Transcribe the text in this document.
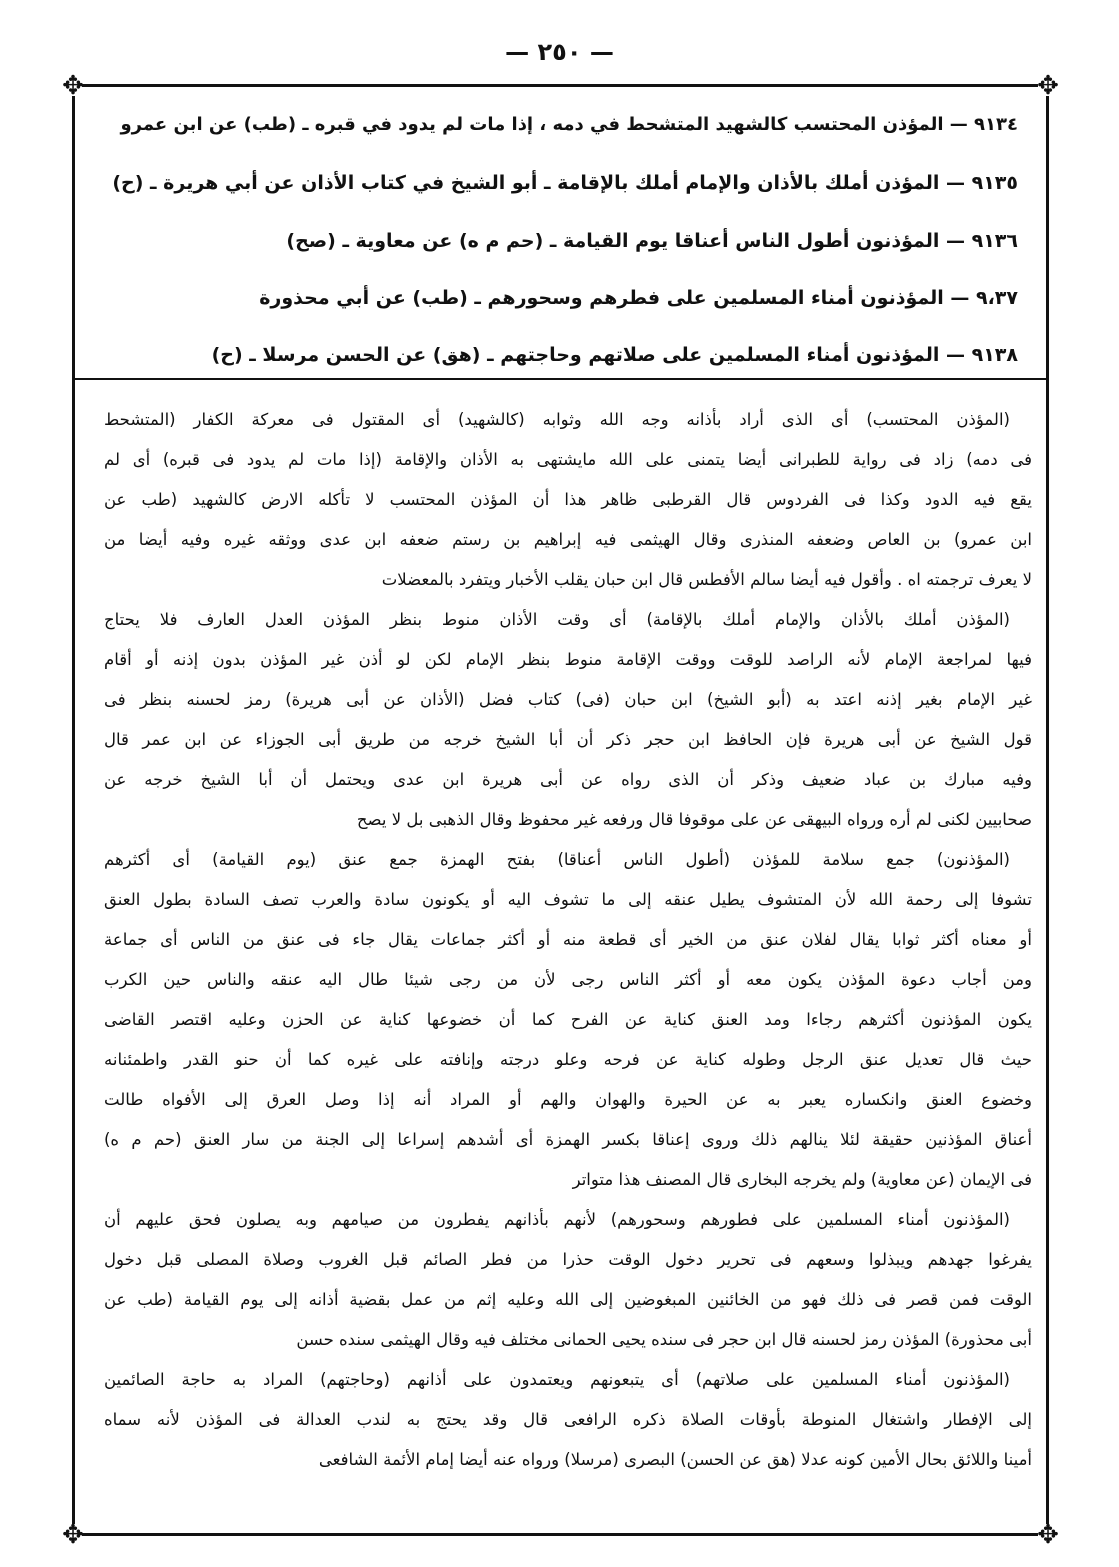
— ٢٥٠ —
✥	✥
✥	✥
٩١٣٤ — المؤذن المحتسب كالشهيد المتشحط في دمه ، إذا مات لم يدود في قبره ـ (طب) عن ابن عمرو
٩١٣٥ — المؤذن أملك بالأذان والإمام أملك بالإقامة ـ أبو الشيخ في كتاب الأذان عن أبي هريرة ـ (ح)
٩١٣٦ — المؤذنون أطول الناس أعناقا يوم القيامة ـ (حم م ه) عن معاوية ـ (صح)
٩،٣٧ — المؤذنون أمناء المسلمين على فطرهم وسحورهم ـ (طب) عن أبي محذورة
٩١٣٨ — المؤذنون أمناء المسلمين على صلاتهم وحاجتهم ـ (هق) عن الحسن مرسلا ـ (ح)
(المؤذن المحتسب) أى الذى أراد بأذانه وجه الله وثوابه (كالشهيد) أى المقتول فى معركة الكفار (المتشحط
فى دمه) زاد فى رواية للطبرانى أيضا يتمنى على الله مايشتهى به الأذان والإقامة (إذا مات لم يدود فى قبره) أى لم
يقع فيه الدود وكذا فى الفردوس قال القرطبى ظاهر هذا أن المؤذن المحتسب لا تأكله الارض كالشهيد (طب عن
ابن عمرو) بن العاص وضعفه المنذرى وقال الهيثمى فيه إبراهيم بن رستم ضعفه ابن عدى ووثقه غيره وفيه أيضا من
لا يعرف ترجمته اه . وأقول فيه أيضا سالم الأفطس قال ابن حبان يقلب الأخبار ويتفرد بالمعضلات
(المؤذن أملك بالأذان والإمام أملك بالإقامة) أى وقت الأذان منوط بنظر المؤذن العدل العارف فلا يحتاج
فيها لمراجعة الإمام لأنه الراصد للوقت ووقت الإقامة منوط بنظر الإمام لكن لو أذن غير المؤذن بدون إذنه أو أقام
غير الإمام بغير إذنه اعتد به (أبو الشيخ) ابن حبان (فى) كتاب فضل (الأذان عن أبى هريرة) رمز لحسنه بنظر فى
قول الشيخ عن أبى هريرة فإن الحافظ ابن حجر ذكر أن أبا الشيخ خرجه من طريق أبى الجوزاء عن ابن عمر قال
وفيه مبارك بن عباد ضعيف وذكر أن الذى رواه عن أبى هريرة ابن عدى ويحتمل أن أبا الشيخ خرجه عن
صحابيين لكنى لم أره ورواه البيهقى عن على موقوفا قال ورفعه غير محفوظ وقال الذهبى بل لا يصح
(المؤذنون) جمع سلامة للمؤذن (أطول الناس أعناقا) بفتح الهمزة جمع عنق (يوم القيامة) أى أكثرهم
تشوفا إلى رحمة الله لأن المتشوف يطيل عنقه إلى ما تشوف اليه أو يكونون سادة والعرب تصف السادة بطول العنق
أو معناه أكثر ثوابا يقال لفلان عنق من الخير أى قطعة منه أو أكثر جماعات يقال جاء فى عنق من الناس أى جماعة
ومن أجاب دعوة المؤذن يكون معه أو أكثر الناس رجى لأن من رجى شيئا طال اليه عنقه والناس حين الكرب
يكون المؤذنون أكثرهم رجاءا ومد العنق كناية عن الفرح كما أن خضوعها كناية عن الحزن وعليه اقتصر القاضى
حيث قال تعديل عنق الرجل وطوله كناية عن فرحه وعلو درجته وإنافته على غيره كما أن حنو القدر واطمئنانه
وخضوع العنق وانكساره يعبر به عن الحيرة والهوان والهم أو المراد أنه إذا وصل العرق إلى الأفواه طالت
أعناق المؤذنين حقيقة لئلا ينالهم ذلك وروى إعناقا بكسر الهمزة أى أشدهم إسراعا إلى الجنة من سار العنق (حم م ه)
فى الإيمان (عن معاوية) ولم يخرجه البخارى قال المصنف هذا متواتر
(المؤذنون أمناء المسلمين على فطورهم وسحورهم) لأنهم بأذانهم يفطرون من صيامهم وبه يصلون فحق عليهم أن
يفرغوا جهدهم ويبذلوا وسعهم فى تحرير دخول الوقت حذرا من فطر الصائم قبل الغروب وصلاة المصلى قبل دخول
الوقت فمن قصر فى ذلك فهو من الخائنين المبغوضين إلى الله وعليه إثم من عمل بقضية أذانه إلى يوم القيامة (طب عن
أبى محذورة) المؤذن رمز لحسنه قال ابن حجر فى سنده يحيى الحمانى مختلف فيه وقال الهيثمى سنده حسن
(المؤذنون أمناء المسلمين على صلاتهم) أى يتبعونهم ويعتمدون على أذانهم (وحاجتهم) المراد به حاجة الصائمين
إلى الإفطار واشتغال المنوطة بأوقات الصلاة ذكره الرافعى قال وقد يحتج به لندب العدالة فى المؤذن لأنه سماه
أمينا واللائق بحال الأمين كونه عدلا (هق عن الحسن) البصرى (مرسلا) ورواه عنه أيضا إمام الأئمة الشافعى
